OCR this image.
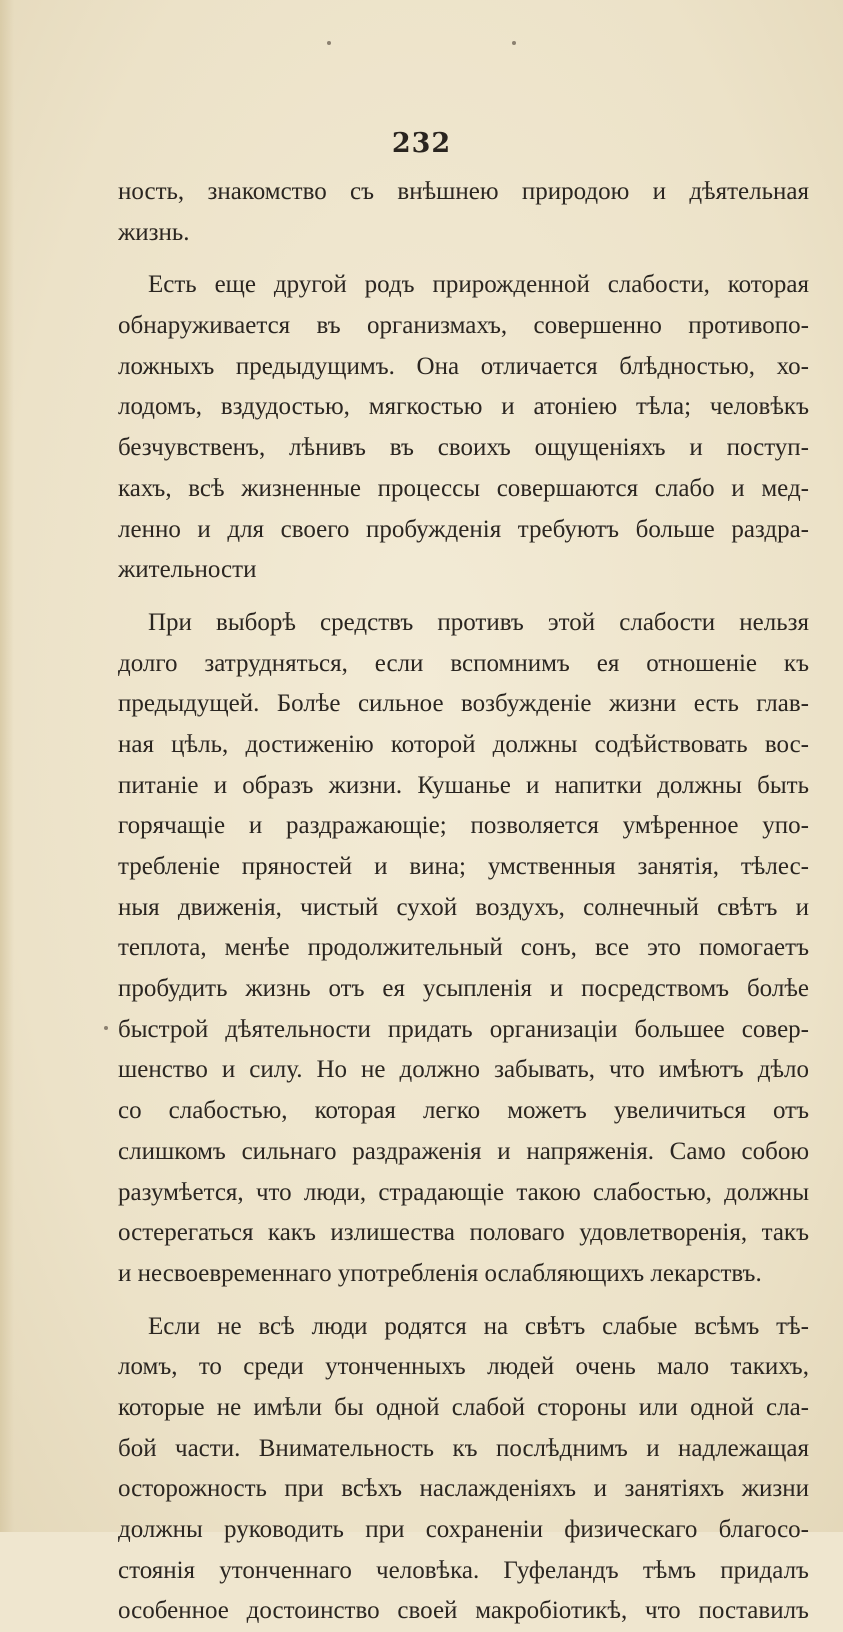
232
ность, знакомство съ внѣшнею природою и дѣятельная
жизнь.
Есть еще другой родъ прирожденной слабости, которая
обнаруживается въ организмахъ, совершенно противопо-
ложныхъ предыдущимъ. Она отличается блѣдностью, хо-
лодомъ, вздудостью, мягкостью и атоніею тѣла; человѣкъ
безчувственъ, лѣнивъ въ своихъ ощущеніяхъ и поступ-
кахъ, всѣ жизненные процессы совершаются слабо и мед-
ленно и для своего пробужденія требуютъ больше раздра-
жительности
При выборѣ средствъ противъ этой слабости нельзя
долго затрудняться, если вспомнимъ ея отношеніе къ
предыдущей. Болѣе сильное возбужденіе жизни есть глав-
ная цѣль, достиженію которой должны содѣйствовать вос-
питаніе и образъ жизни. Кушанье и напитки должны быть
горячащіе и раздражающіе; позволяется умѣренное упо-
требленіе пряностей и вина; умственныя занятія, тѣлес-
ныя движенія, чистый сухой воздухъ, солнечный свѣтъ и
теплота, менѣе продолжительный сонъ, все это помогаетъ
пробудить жизнь отъ ея усыпленія и посредствомъ болѣе
быстрой дѣятельности придать организаціи большее совер-
шенство и силу. Но не должно забывать, что имѣютъ дѣло
со слабостью, которая легко можетъ увеличиться отъ
слишкомъ сильнаго раздраженія и напряженія. Само собою
разумѣется, что люди, страдающіе такою слабостью, должны
остерегаться какъ излишества половаго удовлетворенія, такъ
и несвоевременнаго употребленія ослабляющихъ лекарствъ.
Если не всѣ люди родятся на свѣтъ слабые всѣмъ тѣ-
ломъ, то среди утонченныхъ людей очень мало такихъ,
которые не имѣли бы одной слабой стороны или одной сла-
бой части. Внимательность къ послѣднимъ и надлежащая
осторожность при всѣхъ наслажденіяхъ и занятіяхъ жизни
должны руководить при сохраненіи физическаго благосо-
стоянія утонченнаго человѣка. Гуфеландъ тѣмъ придалъ
особенное достоинство своей макробіотикѣ, что поставилъ
